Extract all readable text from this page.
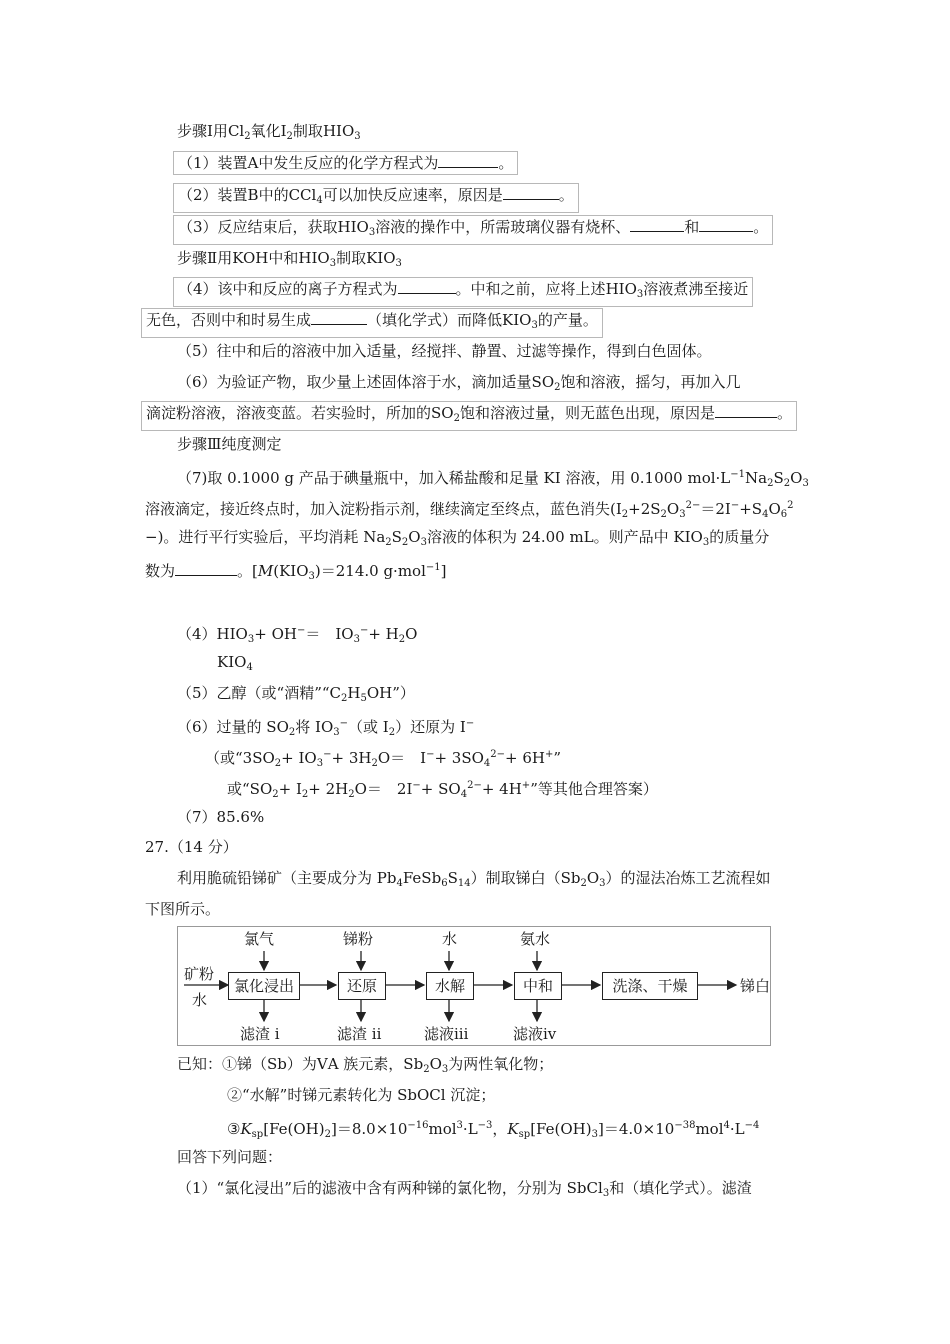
步骤Ⅰ用$Cl_2$氧化$I_2$制取$HIO_3$
（1）装置A中发生反应的化学方程式为	。
（2）装置B中的CCl$_4$可以加快反应速率，原因是	。
（3）反应结束后，获取$HIO_3$溶液的操作中，所需玻璃仪器有烧杯、	和	。
步骤Ⅱ用KOH中和$HIO_3$制取$KIO_3$
（4）该中和反应的离子方程式为	。中和之前，应将上述$HIO_3$溶液煮沸至接近
无色，否则中和时易生成	（填化学式）而降低$KIO_3$的产量。
（5）往中和后的溶液中加入适量，经搅拌、静置、过滤等操作，得到白色固体。
（6）为验证产物，取少量上述固体溶于水，滴加适量$SO_2$饱和溶液，摇匀，再加入几
滴淀粉溶液，溶液变蓝。若实验时，所加的$SO_2$饱和溶液过量，则无蓝色出现，原因是	。
步骤Ⅲ纯度测定
（7)取 0.1000 g 产品于碘量瓶中，加入稀盐酸和足量 KI 溶液，用 0.1000 $mol\cdot L^{-1}Na_2S_2O_3$
溶液滴定，接近终点时，加入淀粉指示剂，继续滴定至终点，蓝色消失($I_2+2S_2O_3^{2-}=2I^-+S_4O_6^2$
−)。进行平行实验后，平均消耗 $Na_2S_2O_3$溶液的体积为 24.00 mL。则产品中 $KIO_3$的质量分
数为	。[$M(KIO_3)=214.0$ g·mol$^{-1}$]
$(4)HIO_3+ OH^-=$　$IO_3^-+ H_2O$
$KIO_4$
（5）乙醇（或“酒精$”“C_2H_5OH$”）
（6）过量的 $SO_2$将 $IO_3^-$（或 $I_2$）还原为 I−
（或“$3SO_2+ IO_3^-+ 3H_2O=$　$I^-+ 3SO_4^{2-}+ 6H^+$”
或“$SO_2+ I_2+ 2H_2O=$　$2I^-+ SO_4^{2-}+ 4H^+$”等其他合理答案）
（7）85.6%
27.（14 分）
利用脆硫铅锑矿（主要成分为 $Pb_4FeSb_6S_{14}$）制取锑白$(Sb_2O_3)$的湿法冶炼工艺流程如
下图所示。
氯气	锑粉	水	氨水
矿粉
水
氯化浸出	还原	水解	中和	洗涤、干燥	锑白
滤渣 i	滤渣 ii	滤液iii	滤液iv
已知：①锑（Sb）为ⅤA 族元素，$Sb_2O_3$为两性氧化物；
②“水解”时锑元素转化为 SbOCl 沉淀；
$③K_{sp}[Fe(OH)_2]=8.0\times 10^{-16}mol^3\cdot L^{-3}$，$K_{sp}[Fe(OH)_3]=4.0\times 10^{-38}mol^4\cdot L^{-4}$
回答下列问题：
（1）“氯化浸出”后的滤液中含有两种锑的氯化物，分别为 SbCl$_3$和（填化学式）。滤渣
